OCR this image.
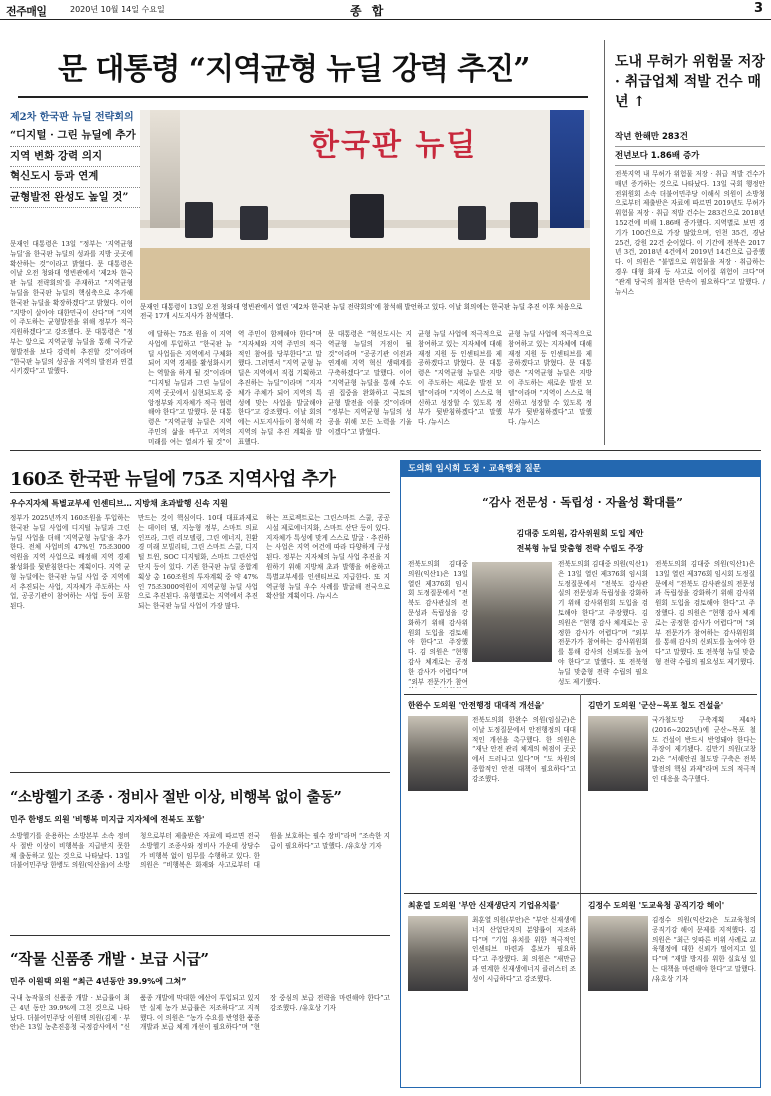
전주매일	2020년 10월 14일 수요일	종 합	3
문 대통령 “지역균형 뉴딜 강력 추진”
제2차 한국판 뉴딜 전략회의
“디지털 · 그린 뉴딜에 추가
지역 변화 강력 의지
혁신도시 등과 연계
균형발전 완성도 높일 것”
한국판 뉴딜
문재인 대통령이 13일 오전 청와대 영빈관에서 열린 '제2차 한국판 뉴딜 전략회의'에 참석해 발언하고 있다. 이날 회의에는 한국판 뉴딜 추진 이후 처음으로 전국 17개 시도지사가 참석했다.
문재인 대통령은 13일 “정부는 ‘지역균형 뉴딜’을 한국판 뉴딜의 성과를 지방 곳곳에 확산하는 것”이라고 밝혔다. 문 대통령은 이날 오전 청와대 영빈관에서 ‘제2차 한국판 뉴딜 전략회의’를 주재하고 “지역균형 뉴딜을 한국판 뉴딜의 핵심축으로 추가해 한국판 뉴딜을 확장하겠다”고 밝혔다. 이어 “지방이 살아야 대한민국이 산다”며 “지역이 주도하는 균형발전을 위해 정부가 적극 지원하겠다”고 강조했다. 문 대통령은 “정부는 앞으로 지역균형 뉴딜을 통해 국가균형발전을 보다 강력히 추진할 것”이라며 “한국판 뉴딜의 성공을 지역의 발전과 연결시키겠다”고 말했다.
에 달하는 75조 원을 이 지역 사업에 투입하고 “한국판 뉴딜 사업들은 지역에서 구체화되어 지역 경제를 활성화시키는 역할을 하게 될 것”이라며 “디지털 뉴딜과 그린 뉴딜이 지역 곳곳에서 실현되도록 중앙정부와 지자체가 적극 협력해야 한다”고 말했다. 문 대통령은 “지역균형 뉴딜은 지역 주민의 삶을 바꾸고 지역의 미래를 여는 열쇠가 될 것”이
역 주민이 함께해야 한다”며 “지자체와 지역 주민의 적극적인 참여를 당부한다”고 말했다. 그러면서 “지역 균형 뉴딜은 지역에서 직접 기획하고 추진하는 뉴딜”이라며 “지자체가 주체가 되어 지역의 특성에 맞는 사업을 발굴해야 한다”고 강조했다. 이날 회의에는 시도지사들이 참석해 각 지역의 뉴딜 추진 계획을 발표했다.
문 대통령은 “혁신도시는 지역균형 뉴딜의 거점이 될 것”이라며 “공공기관 이전과 연계해 지역 혁신 생태계를 구축하겠다”고 말했다. 이어 “지역균형 뉴딜을 통해 수도권 집중을 완화하고 국토의 균형 발전을 이룰 것”이라며 “정부는 지역균형 뉴딜의 성공을 위해 모든 노력을 기울이겠다”고 밝혔다.
균형 뉴딜 사업에 적극적으로 참여하고 있는 지자체에 대해 재정 지원 등 인센티브를 제공하겠다고 밝혔다. 문 대통령은 “지역균형 뉴딜은 지방이 주도하는 새로운 발전 모델”이라며 “지역이 스스로 혁신하고 성장할 수 있도록 정부가 뒷받침하겠다”고 말했다. /뉴시스
균형 뉴딜 사업에 적극적으로 참여하고 있는 지자체에 대해 재정 지원 등 인센티브를 제공하겠다고 밝혔다. 문 대통령은 “지역균형 뉴딜은 지방이 주도하는 새로운 발전 모델”이라며 “지역이 스스로 혁신하고 성장할 수 있도록 정부가 뒷받침하겠다”고 말했다. /뉴시스
도내 무허가 위험물 저장 · 취급업체 적발 건수 매년 ↑
작년 한해만 283건
전년보다 1.86배 증가
전북지역 내 무허가 위험물 저장 · 취급 적발 건수가 매년 증가하는 것으로 나타났다. 13일 국회 행정안전위원회 소속 더불어민주당 이해식 의원이 소방청으로부터 제출받은 자료에 따르면 2019년도 무허가 위험물 저장 · 취급 적발 건수는 283건으로 2018년 152건에 비해 1.86배 증가했다. 지역별로 보면 경기가 100건으로 가장 많았으며, 인천 35건, 경남 25건, 강원 22건 순이었다. 이 기간에 전북은 2017년 3건, 2018년 4건에서 2019년 14건으로 급증했다. 이 의원은 “불법으로 위험물을 저장 · 취급하는 경우 대형 화재 등 사고로 이어질 위험이 크다”며 “관계 당국의 철저한 단속이 필요하다”고 말했다. /뉴시스
160조 한국판 뉴딜에 75조 지역사업 추가
우수지자체 특별교부세 인센티브… 지방채 초과발행 신속 지원
정부가 2025년까지 160조원을 투입하는 한국판 뉴딜 사업에 디지털 뉴딜과 그린 뉴딜 사업을 더해 '지역균형 뉴딜'을 추가한다. 전체 사업비의 47%인 75조3000억원을 지역 사업으로 배정해 지역 경제 활성화를 뒷받침한다는 계획이다. 지역 균형 뉴딜에는 한국판 뉴딜 사업 중 지역에서 추진되는 사업, 지자체가 주도하는 사업, 공공기관이 참여하는 사업 등이 포함된다.
만드는 것이 핵심이다. 10대 대표과제로는 데이터 댐, 지능형 정부, 스마트 의료 인프라, 그린 리모델링, 그린 에너지, 친환경 미래 모빌리티, 그린 스마트 스쿨, 디지털 트윈, SOC 디지털화, 스마트 그린산업단지 등이 있다. 기존 한국판 뉴딜 종합계획상 총 160조원의 투자계획 중 약 47%인 75조3000억원이 지역균형 뉴딜 사업으로 추진된다. 유형별로는 지역에서 추진되는 한국판 뉴딜 사업이 가장 많다.
하는 프로젝트로는 그린스마트 스쿨, 공공시설 제로에너지화, 스마트 산단 등이 있다. 지자체가 특성에 맞게 스스로 발굴 · 추진하는 사업은 지역 여건에 따라 다양하게 구성된다. 정부는 지자체의 뉴딜 사업 추진을 지원하기 위해 지방채 초과 발행을 허용하고 특별교부세를 인센티브로 지급한다. 또 지역균형 뉴딜 우수 사례를 발굴해 전국으로 확산할 계획이다. /뉴시스
“소방헬기 조종 · 정비사 절반 이상, 비행복 없이 출동”
민주 한병도 의원 '비행복 미지급 지자체에 전북도 포함'
소방헬기를 운용하는 소방본부 소속 정비사 절반 이상이 비행복을 지급받지 못한 채 출동하고 있는 것으로 나타났다. 13일 더불어민주당 한병도 의원(익산을)이 소방청으로부터 제출받은 자료에 따르면 전국 소방헬기 조종사와 정비사 가운데 상당수가 비행복 없이 임무를 수행하고 있다. 한 의원은 “비행복은 화재와 사고로부터 대원을 보호하는 필수 장비”라며 “조속한 지급이 필요하다”고 말했다. /유호상 기자
“작물 신품종 개발 · 보급 시급”
민주 이원택 의원 “최근 4년동안 39.9%에 그쳐”
국내 농작물의 신품종 개발 · 보급률이 최근 4년 동안 39.9%에 그친 것으로 나타났다. 더불어민주당 이원택 의원(김제 · 부안)은 13일 농촌진흥청 국정감사에서 “신품종 개발에 막대한 예산이 투입되고 있지만 실제 농가 보급률은 저조하다”고 지적했다. 이 의원은 “농가 수요를 반영한 품종 개발과 보급 체계 개선이 필요하다”며 “현장 중심의 보급 전략을 마련해야 한다”고 강조했다. /유호상 기자
도의회 임시회 도정 · 교육행정 질문
“감사 전문성 · 독립성 · 자율성 확대를”
김대중 도의원, 감사위원회 도입 제안
전북형 뉴딜 맞춤형 전략 수립도 주장
전북도의회 김대중 의원(익산1)은 13일 열린 제376회 임시회 도정질문에서 “전북도 감사관실의 전문성과 독립성을 강화하기 위해 감사위원회 도입을 검토해야 한다”고 주장했다. 김 의원은 “현행 감사 체계로는 공정한 감사가 어렵다”며 “외부 전문가가 참여
전북도의회 김대중 의원(익산1)은 13일 열린 제376회 임시회 도정질문에서 “전북도 감사관실의 전문성과 독립성을 강화하기 위해 감사위원회 도입을 검토해야 한다”고 주장했다. 김 의원은 “현행 감사 체계로는 공정한 감사가 어렵다”며 “외부 전문가가 참여하는 감사위원회를 통해 감사의 신뢰도를 높여야 한다”고 말했다. 또 전북형 뉴딜 맞춤형 전략 수립의 필요성도 제기했다.
전북도의회 김대중 의원(익산1)은 13일 열린 제376회 임시회 도정질문에서 “전북도 감사관실의 전문성과 독립성을 강화하기 위해 감사위원회 도입을 검토해야 한다”고 주장했다. 김 의원은 “현행 감사 체계로는 공정한 감사가 어렵다”며 “외부 전문가가 참여하는 감사위원회를 통해 감사의 신뢰도를 높여야 한다”고 말했다. 또 전북형 뉴딜 맞춤형 전략 수립의 필요성도 제기했다.
한완수 도의원 '안전행정 대대적 개선을'
전북도의회 한완수 의원(임실군)은 이날 도정질문에서 안전행정의 대대적인 개선을 촉구했다. 한 의원은 “재난 안전 관리 체계의 허점이 곳곳에서 드러나고 있다”며 “도 차원의 종합적인 안전 대책이 필요하다”고 강조했다.
김만기 도의원 '군산~목포 철도 건설을'
국가철도망 구축계획 제4차(2016~2025년)에 군산~목포 철도 건설이 반드시 반영돼야 한다는 주장이 제기됐다. 김만기 의원(고창2)은 “서해안권 철도망 구축은 전북 발전의 핵심 과제”라며 도의 적극적인 대응을 촉구했다.
최훈열 도의원 '부안 신재생단지 기업유치를'
최훈열 의원(부안)은 “부안 신재생에너지 산업단지의 분양률이 저조하다”며 “기업 유치를 위한 적극적인 인센티브 마련과 홍보가 필요하다”고 주장했다. 최 의원은 “새만금과 연계한 신재생에너지 클러스터 조성이 시급하다”고 강조했다.
김정수 도의원 '도교육청 공직기강 해이'
김정수 의원(익산2)은 도교육청의 공직기강 해이 문제를 지적했다. 김 의원은 “최근 잇따른 비위 사례로 교육행정에 대한 신뢰가 떨어지고 있다”며 “재발 방지를 위한 실효성 있는 대책을 마련해야 한다”고 말했다. /유호상 기자
